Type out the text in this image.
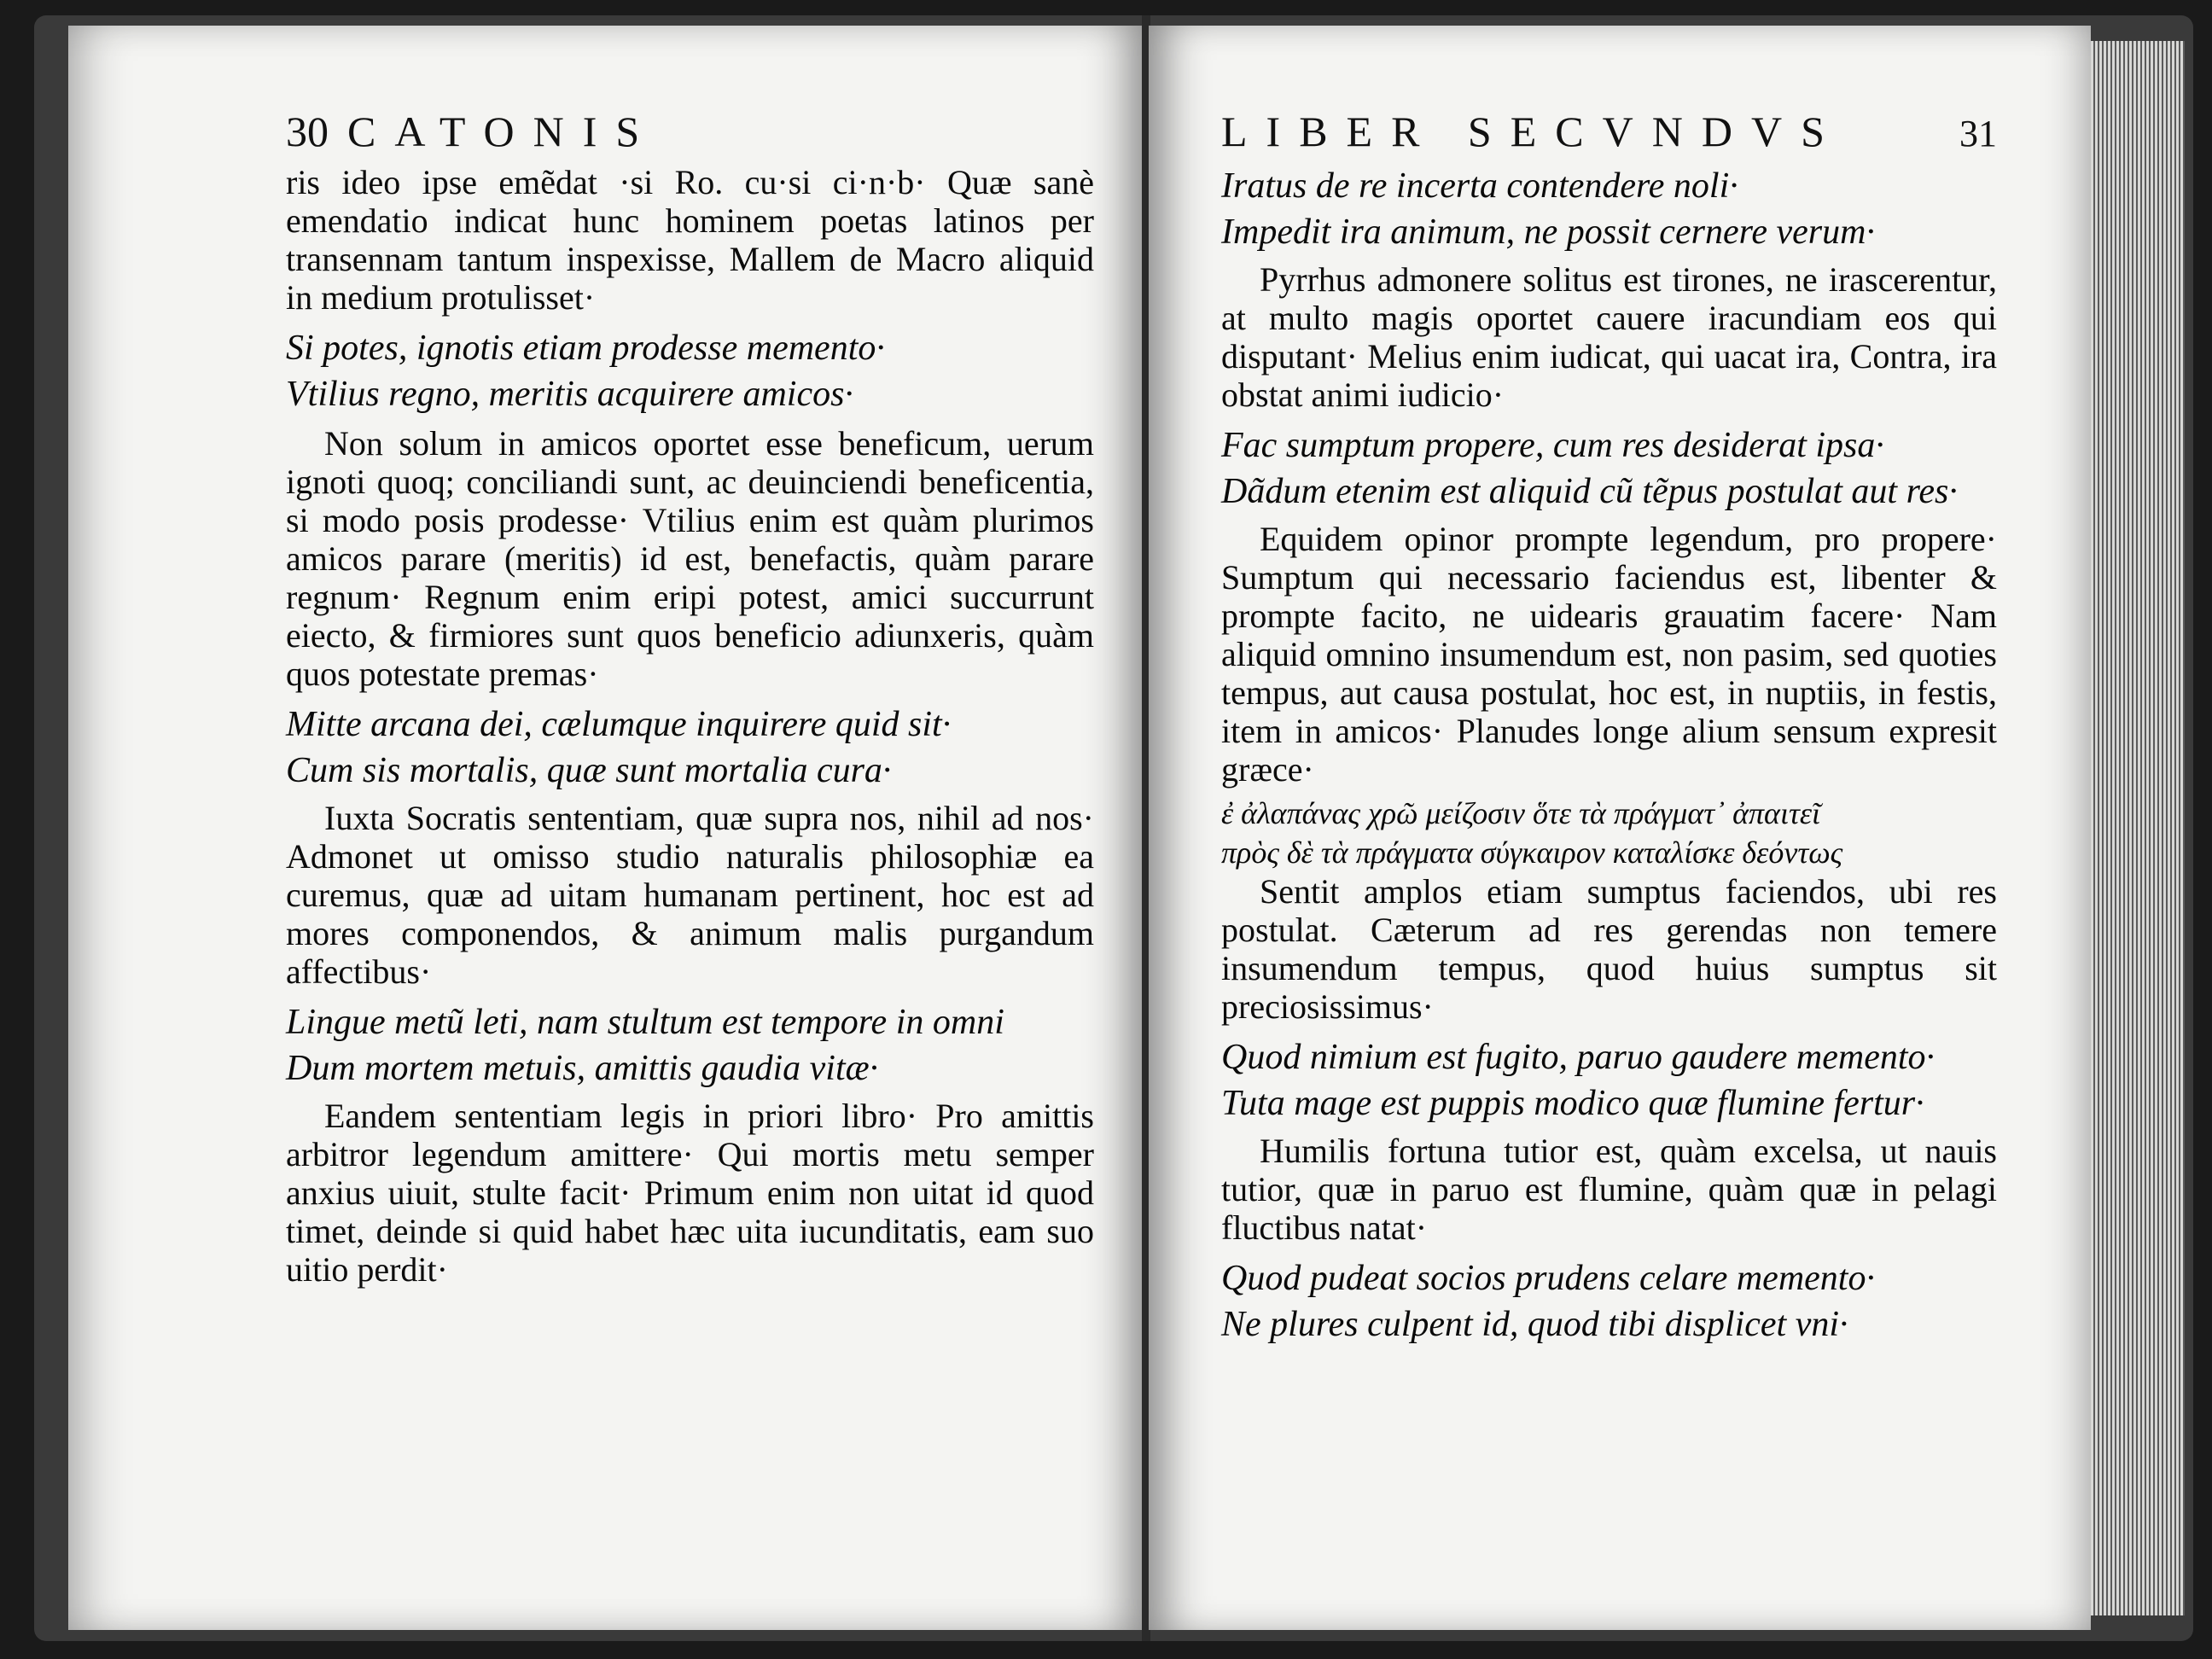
30 CATONIS

ris ideo ipse emẽdat ·si Ro. cu·si ci·n·b· Quæ sanè emendatio indicat hunc hominem poetas latinos per transennam tantum inspexisse, Mallem de Macro aliquid in medium protulisset·

Si potes, ignotis etiam prodesse memento·

Vtilius regno, meritis acquirere amicos·

Non solum in amicos oportet esse beneficum, uerum ignoti quoq; conciliandi sunt, ac deuinciendi beneficentia, si modo posis prodesse· Vtilius enim est quàm plurimos amicos parare (meritis) id est, benefactis, quàm parare regnum· Regnum enim eripi potest, amici succurrunt eiecto, & firmiores sunt quos beneficio adiunxeris, quàm quos potestate premas·

Mitte arcana dei, cælumque inquirere quid sit·

Cum sis mortalis, quæ sunt mortalia cura·

Iuxta Socratis sententiam, quæ supra nos, nihil ad nos· Admonet ut omisso studio naturalis philosophiæ ea curemus, quæ ad uitam humanam pertinent, hoc est ad mores componendos, & animum malis purgandum affectibus·

Lingue metũ leti, nam stultum est tempore in omni

Dum mortem metuis, amittis gaudia vitæ·

Eandem sententiam legis in priori libro· Pro amittis arbitror legendum amittere· Qui mortis metu semper anxius uiuit, stulte facit· Primum enim non uitat id quod timet, deinde si quid habet hæc uita iucunditatis, eam suo uitio perdit·

LIBER SECVNDVS	31

Iratus de re incerta contendere noli·

Impedit ira animum, ne possit cernere verum·

Pyrrhus admonere solitus est tirones, ne irascerentur, at multo magis oportet cauere iracundiam eos qui disputant· Melius enim iudicat, qui uacat ira, Contra, ira obstat animi iudicio·

Fac sumptum propere, cum res desiderat ipsa·

Dãdum etenim est aliquid cũ tẽpus postulat aut res·

Equidem opinor prompte legendum, pro propere· Sumptum qui necessario faciendus est, libenter & prompte facito, ne uidearis grauatim facere· Nam aliquid omnino insumendum est, non pasim, sed quoties tempus, aut causa postulat, hoc est, in nuptiis, in festis, item in amicos· Planudes longe alium sensum expresit græce·

ἐ ἀλαπάνας χρῶ μείζοσιν ὅτε τὰ πράγματ᾽ ἀπαιτεῖ

πρὸς δὲ τὰ πράγματα σύγκαιρον καταλίσκε δεόντως

Sentit amplos etiam sumptus faciendos, ubi res postulat. Cæterum ad res gerendas non temere insumendum tempus, quod huius sumptus sit preciosissimus·

Quod nimium est fugito, paruo gaudere memento·

Tuta mage est puppis modico quæ flumine fertur·

Humilis fortuna tutior est, quàm excelsa, ut nauis tutior, quæ in paruo est flumine, quàm quæ in pelagi fluctibus natat·

Quod pudeat socios prudens celare memento·

Ne plures culpent id, quod tibi displicet vni·
